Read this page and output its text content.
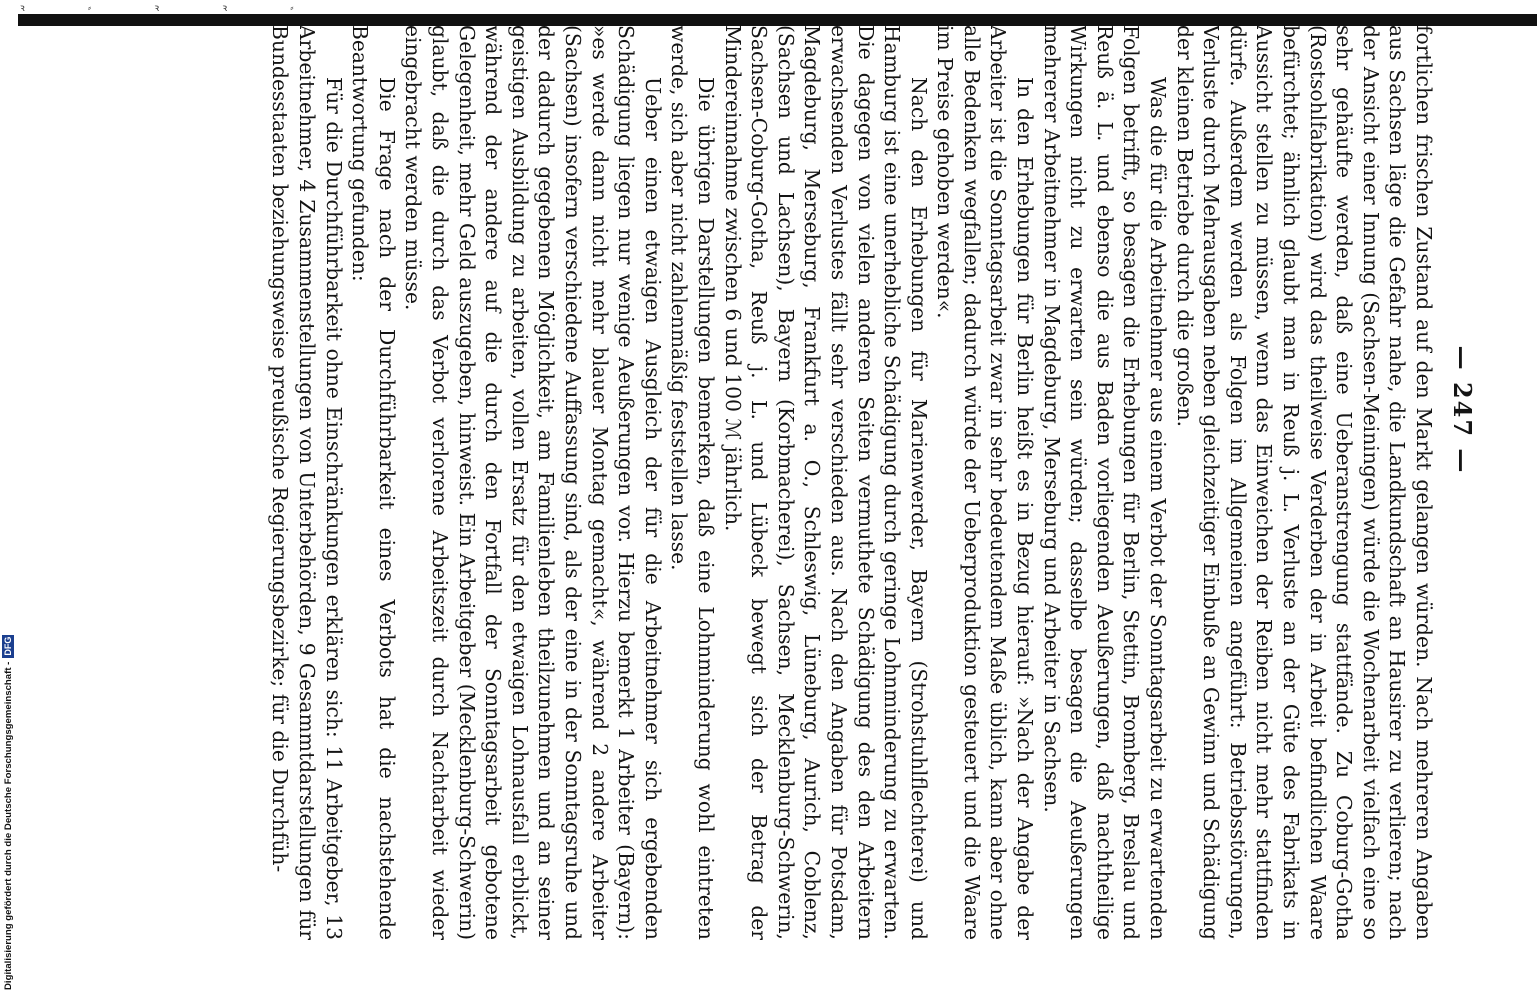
ꝛ ⸗ ꝛ ꝛ ⸗
— 247 —

fortlichen frischen Zustand auf den Markt gelangen würden. Nach mehreren Angaben aus Sachsen läge die Gefahr nahe, die Landkundschaft an Hausirer zu verlieren; nach der Ansicht einer Innung (Sachsen-Meiningen) würde die Wochenarbeit vielfach eine so sehr gehäufte werden, daß eine Ueberanstrengung stattfände. Zu Coburg-Gotha (Rostsohlfabrikation) wird das theilweise Verderben der in Arbeit befindlichen Waare befürchtet; ähnlich glaubt man in Reuß j. L. Verluste an der Güte des Fabrikats in Aussicht stellen zu müssen, wenn das Einweichen der Reiben nicht mehr stattfinden dürfe. Außerdem werden als Folgen im Allgemeinen angeführt: Betriebsstörungen, Verluste durch Mehrausgaben neben gleichzeitiger Einbuße an Gewinn und Schädigung der kleinen Betriebe durch die großen.

Was die für die Arbeitnehmer aus einem Verbot der Sonntagsarbeit zu erwartenden Folgen betrifft, so besagen die Erhebungen für Berlin, Stettin, Bromberg, Breslau und Reuß ä. L. und ebenso die aus Baden vorliegenden Aeußerungen, daß nachtheilige Wirkungen nicht zu erwarten sein würden; dasselbe besagen die Aeußerungen mehrerer Arbeitnehmer in Magdeburg, Merseburg und Arbeiter in Sachsen.

In den Erhebungen für Berlin heißt es in Bezug hierauf: »Nach der Angabe der Arbeiter ist die Sonntagsarbeit zwar in sehr bedeutendem Maße üblich, kann aber ohne alle Bedenken wegfallen; dadurch würde der Ueberproduktion gesteuert und die Waare im Preise gehoben werden«.

Nach den Erhebungen für Marienwerder, Bayern (Strohstuhlflechterei) und Hamburg ist eine unerhebliche Schädigung durch geringe Lohnminderung zu erwarten. Die dagegen von vielen anderen Seiten vermuthete Schädigung des den Arbeitern erwachsenden Verlustes fällt sehr verschieden aus. Nach den Angaben für Potsdam, Magdeburg, Merseburg, Frankfurt a. O., Schleswig, Lüneburg, Aurich, Coblenz, (Sachsen und Lachsen), Bayern (Korbmacherei), Sachsen, Mecklenburg-Schwerin, Sachsen-Coburg-Gotha, Reuß j. L. und Lübeck bewegt sich der Betrag der Mindereinnahme zwischen 6 und 100 ℳ jährlich.

Die übrigen Darstellungen bemerken, daß eine Lohnminderung wohl eintreten werde, sich aber nicht zahlenmäßig feststellen lasse.

Ueber einen etwaigen Ausgleich der für die Arbeitnehmer sich ergebenden Schädigung liegen nur wenige Aeußerungen vor. Hierzu bemerkt 1 Arbeiter (Bayern): »es werde dann nicht mehr blauer Montag gemacht«, während 2 andere Arbeiter (Sachsen) insofern verschiedene Auffassung sind, als der eine in der Sonntagsruhe und der dadurch gegebenen Möglichkeit, am Familienleben theilzunehmen und an seiner geistigen Ausbildung zu arbeiten, vollen Ersatz für den etwaigen Lohnausfall erblickt, während der andere auf die durch den Fortfall der Sonntagsarbeit gebotene Gelegenheit, mehr Geld auszugeben, hinweist. Ein Arbeitgeber (Mecklenburg-Schwerin) glaubt, daß die durch das Verbot verlorene Arbeitszeit durch Nachtarbeit wieder eingebracht werden müsse.

Die Frage nach der Durchführbarkeit eines Verbots hat die nachstehende Beantwortung gefunden:

Für die Durchführbarkeit ohne Einschränkungen erklären sich: 11 Arbeitgeber, 13 Arbeitnehmer, 4 Zusammenstellungen von Unterbehörden, 9 Gesammtdarstellungen für Bundesstaaten beziehungsweise preußische Regierungsbezirke; für die Durchfüh-

Digitalisierung gefördert durch die Deutsche Forschungsgemeinschaft -DFG
